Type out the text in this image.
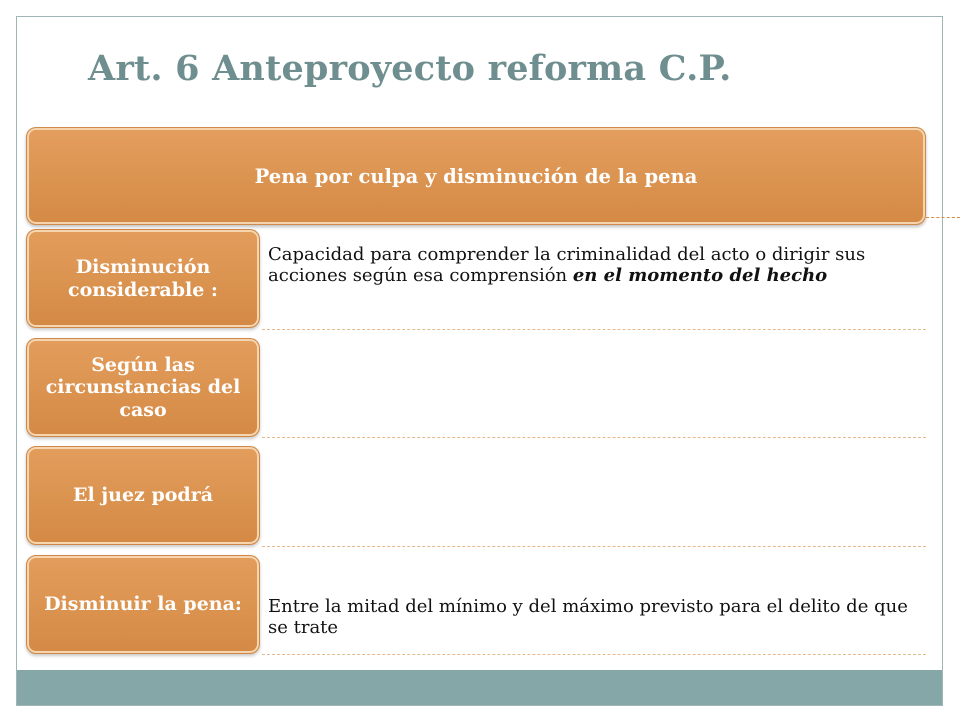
Art. 6 Anteproyecto reforma C.P.
Pena por culpa y disminución de la pena
Disminución considerable :
Capacidad para comprender la criminalidad del acto o dirigir sus acciones según esa comprensión en el momento del hecho
Según las circunstancias del caso
El juez podrá
Disminuir la pena: Entre la mitad del mínimo y del máximo previsto para el delito de que se trate
